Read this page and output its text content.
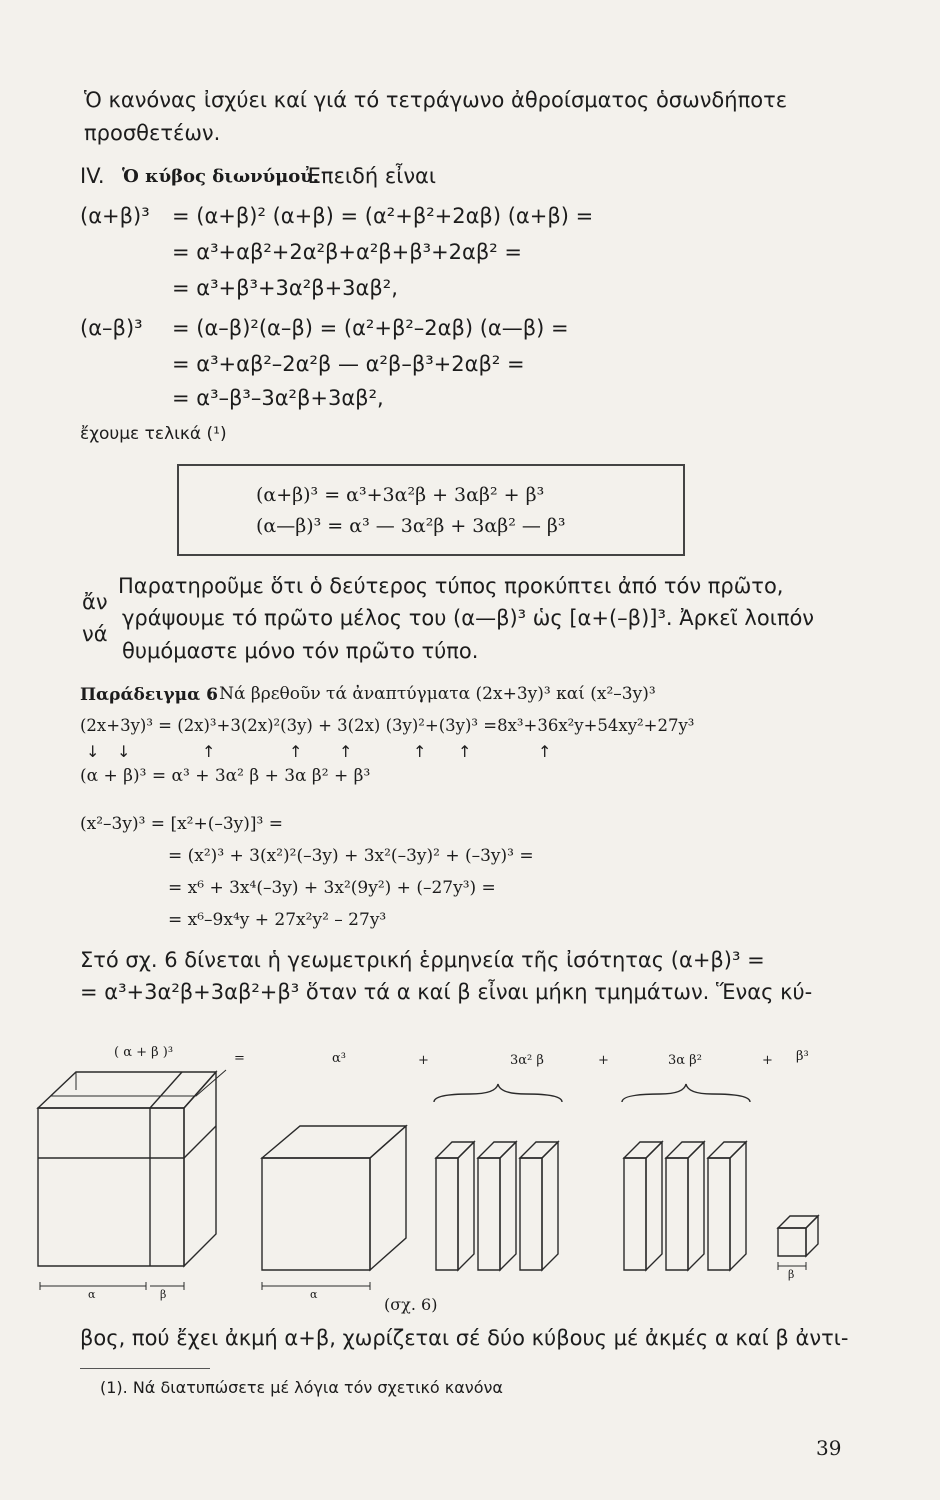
Ὁ κανόνας ἰσχύει καί γιά τό τετράγωνο ἀθροίσματος ὁσωνδήποτε
προσθετέων.
IV. Ὁ κύβος διωνύμου.
Ἐπειδή εἶναι
(α+β)³ = (α+β)² (α+β) = (α²+β²+2αβ) (α+β) =
= α³+αβ²+2α²β+α²β+β³+2αβ² =
= α³+β³+3α²β+3αβ²,
(α–β)³ = (α–β)²(α–β) = (α²+β²–2αβ) (α—β) =
= α³+αβ²–2α²β — α²β–β³+2αβ² =
= α³–β³–3α²β+3αβ²,
ἔχουμε τελικά (¹)
(α+β)³ = α³+3α²β + 3αβ² + β³
(α—β)³ = α³ — 3α²β + 3αβ² — β³
Παρατηροῦμε ὅτι ὁ δεύτερος τύπος προκύπτει ἀπό τόν πρῶτο,
ἄν
γράψουμε τό πρῶτο μέλος του (α—β)³ ὡς [α+(–β)]³. Ἀρκεῖ λοιπόν
νά
θυμόμαστε μόνο τόν πρῶτο τύπο.
Παράδειγμα 6
: Νά βρεθοῦν τά ἀναπτύγματα (2x+3y)³ καί (x²–3y)³
(2x+3y)³ = (2x)³+3(2x)²(3y) + 3(2x) (3y)²+(3y)³ =8x³+36x²y+54xy²+27y³
↓ ↓	↑	↑ ↑	↑ ↑	↑
(α + β)³ = α³ + 3α² β + 3α β² + β³
(x²–3y)³ = [x²+(–3y)]³ =
= (x²)³ + 3(x²)²(–3y) + 3x²(–3y)² + (–3y)³ =
= x⁶ + 3x⁴(–3y) + 3x²(9y²) + (–27y³) =
= x⁶–9x⁴y + 27x²y² – 27y³
Στό σχ. 6 δίνεται ἡ γεωμετρική ἑρμηνεία τῆς ἰσότητας (α+β)³ =
= α³+3α²β+3αβ²+β³ ὅταν τά α καί β εἶναι μήκη τμημάτων. Ἕνας κύ-
( α + β )³	=	α³	+	3α² β	+	3α β²	+ β³
α	β	α
β
(σχ. 6)
βος, πού ἔχει ἀκμή α+β, χωρίζεται σέ δύο κύβους μέ ἀκμές α καί β ἀντι-
(1). Νά διατυπώσετε μέ λόγια τόν σχετικό κανόνα
39
